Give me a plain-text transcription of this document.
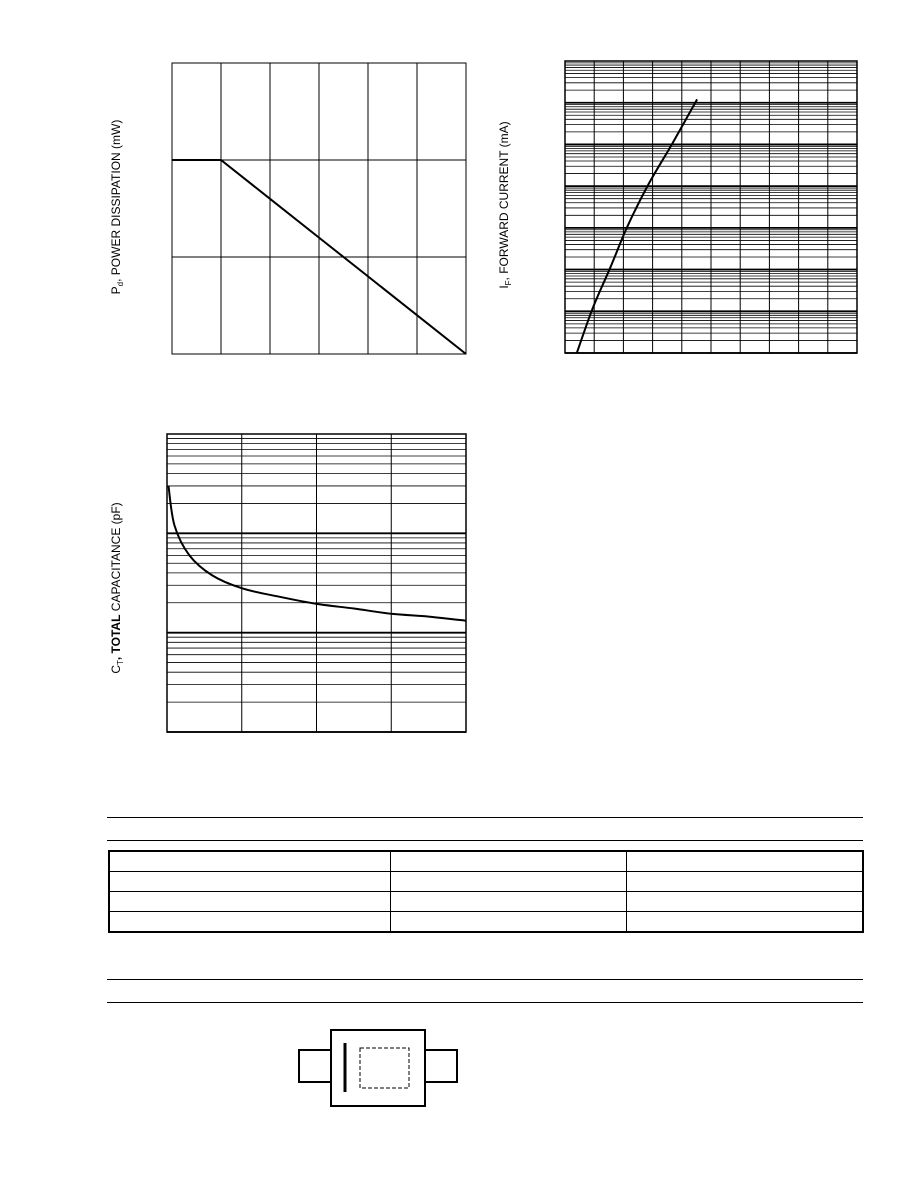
$P_d$, POWER DISSIPATION (mW)
$I_F$, FORWARD CURRENT (mA)
$C_T$, TOTAL CAPACITANCE (pF)
